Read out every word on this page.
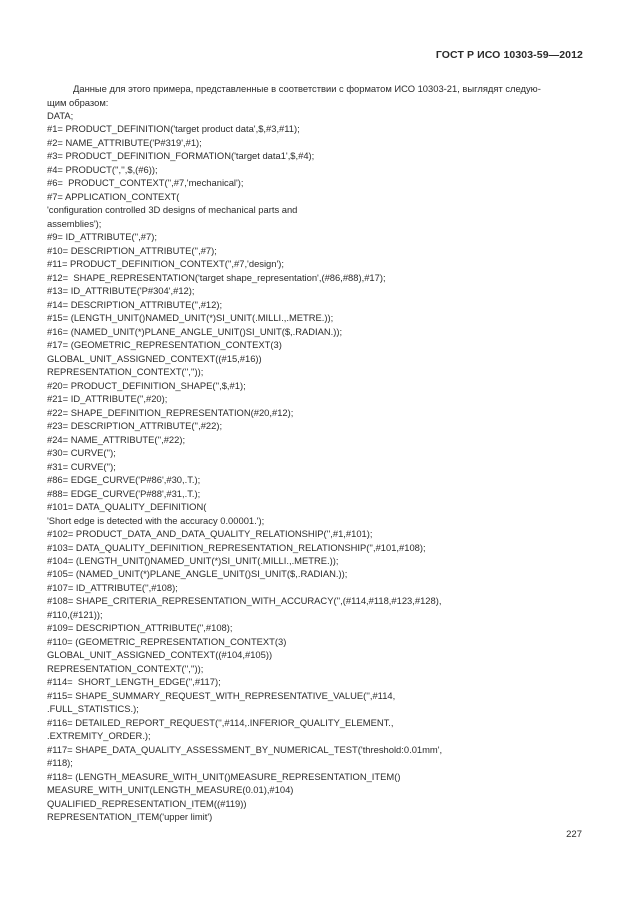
ГОСТ Р ИСО 10303-59—2012
Данные для этого примера, представленные в соответствии с форматом ИСО 10303-21, выглядят следую-
щим образом:
DATA;
#1= PRODUCT_DEFINITION('target product data',$,#3,#11);
#2= NAME_ATTRIBUTE('P#319',#1);
#3= PRODUCT_DEFINITION_FORMATION('target data1',$,#4);
#4= PRODUCT('','',$,(#6));
#6=  PRODUCT_CONTEXT('',#7,'mechanical');
#7= APPLICATION_CONTEXT(
'configuration controlled 3D designs of mechanical parts and
assemblies');
#9= ID_ATTRIBUTE('',#7);
#10= DESCRIPTION_ATTRIBUTE('',#7);
#11= PRODUCT_DEFINITION_CONTEXT('',#7,'design');
#12=  SHAPE_REPRESENTATION('target shape_representation',(#86,#88),#17);
#13= ID_ATTRIBUTE('P#304',#12);
#14= DESCRIPTION_ATTRIBUTE('',#12);
#15= (LENGTH_UNIT()NAMED_UNIT(*)SI_UNIT(.MILLI.,.METRE.));
#16= (NAMED_UNIT(*)PLANE_ANGLE_UNIT()SI_UNIT($,.RADIAN.));
#17= (GEOMETRIC_REPRESENTATION_CONTEXT(3)
GLOBAL_UNIT_ASSIGNED_CONTEXT((#15,#16))
REPRESENTATION_CONTEXT('',''));
#20= PRODUCT_DEFINITION_SHAPE('',$,#1);
#21= ID_ATTRIBUTE('',#20);
#22= SHAPE_DEFINITION_REPRESENTATION(#20,#12);
#23= DESCRIPTION_ATTRIBUTE('',#22);
#24= NAME_ATTRIBUTE('',#22);
#30= CURVE('');
#31= CURVE('');
#86= EDGE_CURVE('P#86',#30,.T.);
#88= EDGE_CURVE('P#88',#31,.T.);
#101= DATA_QUALITY_DEFINITION(
'Short edge is detected with the accuracy 0.00001.');
#102= PRODUCT_DATA_AND_DATA_QUALITY_RELATIONSHIP('',#1,#101);
#103= DATA_QUALITY_DEFINITION_REPRESENTATION_RELATIONSHIP('',#101,#108);
#104= (LENGTH_UNIT()NAMED_UNIT(*)SI_UNIT(.MILLI.,.METRE.));
#105= (NAMED_UNIT(*)PLANE_ANGLE_UNIT()SI_UNIT($,.RADIAN.));
#107= ID_ATTRIBUTE('',#108);
#108= SHAPE_CRITERIA_REPRESENTATION_WITH_ACCURACY('',(#114,#118,#123,#128),
#110,(#121));
#109= DESCRIPTION_ATTRIBUTE('',#108);
#110= (GEOMETRIC_REPRESENTATION_CONTEXT(3)
GLOBAL_UNIT_ASSIGNED_CONTEXT((#104,#105))
REPRESENTATION_CONTEXT('',''));
#114=  SHORT_LENGTH_EDGE('',#117);
#115= SHAPE_SUMMARY_REQUEST_WITH_REPRESENTATIVE_VALUE('',#114,
.FULL_STATISTICS.);
#116= DETAILED_REPORT_REQUEST('',#114,.INFERIOR_QUALITY_ELEMENT.,
.EXTREMITY_ORDER.);
#117= SHAPE_DATA_QUALITY_ASSESSMENT_BY_NUMERICAL_TEST('threshold:0.01mm',
#118);
#118= (LENGTH_MEASURE_WITH_UNIT()MEASURE_REPRESENTATION_ITEM()
MEASURE_WITH_UNIT(LENGTH_MEASURE(0.01),#104)
QUALIFIED_REPRESENTATION_ITEM((#119))
REPRESENTATION_ITEM('upper limit')
227
